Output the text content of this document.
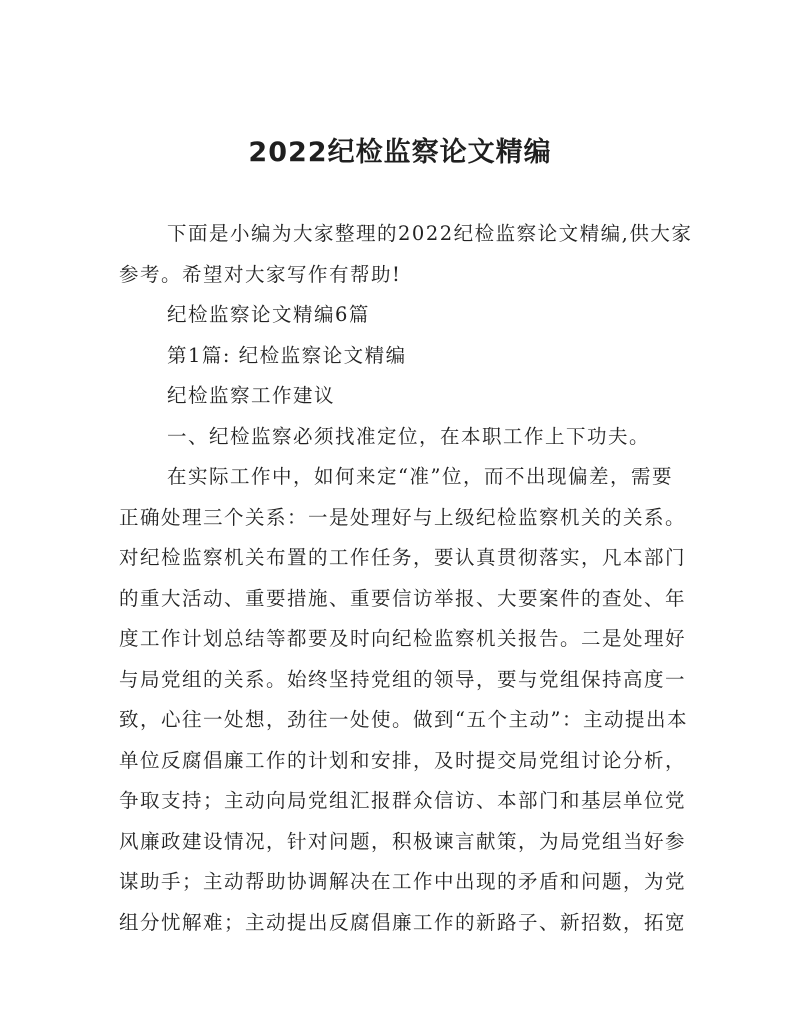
2022纪检监察论文精编
下面是小编为大家整理的2022纪检监察论文精编,供大家
参考。希望对大家写作有帮助!
纪检监察论文精编6篇
第1篇: 纪检监察论文精编
纪检监察工作建议
一、纪检监察必须找准定位，在本职工作上下功夫。
在实际工作中，如何来定“准”位，而不出现偏差，需要
正确处理三个关系：一是处理好与上级纪检监察机关的关系。
对纪检监察机关布置的工作任务，要认真贯彻落实，凡本部门
的重大活动、重要措施、重要信访举报、大要案件的查处、年
度工作计划总结等都要及时向纪检监察机关报告。二是处理好
与局党组的关系。始终坚持党组的领导，要与党组保持高度一
致，心往一处想，劲往一处使。做到“五个主动”：主动提出本
单位反腐倡廉工作的计划和安排，及时提交局党组讨论分析，
争取支持；主动向局党组汇报群众信访、本部门和基层单位党
风廉政建设情况，针对问题，积极谏言献策，为局党组当好参
谋助手；主动帮助协调解决在工作中出现的矛盾和问题，为党
组分忧解难；主动提出反腐倡廉工作的新路子、新招数，拓宽
